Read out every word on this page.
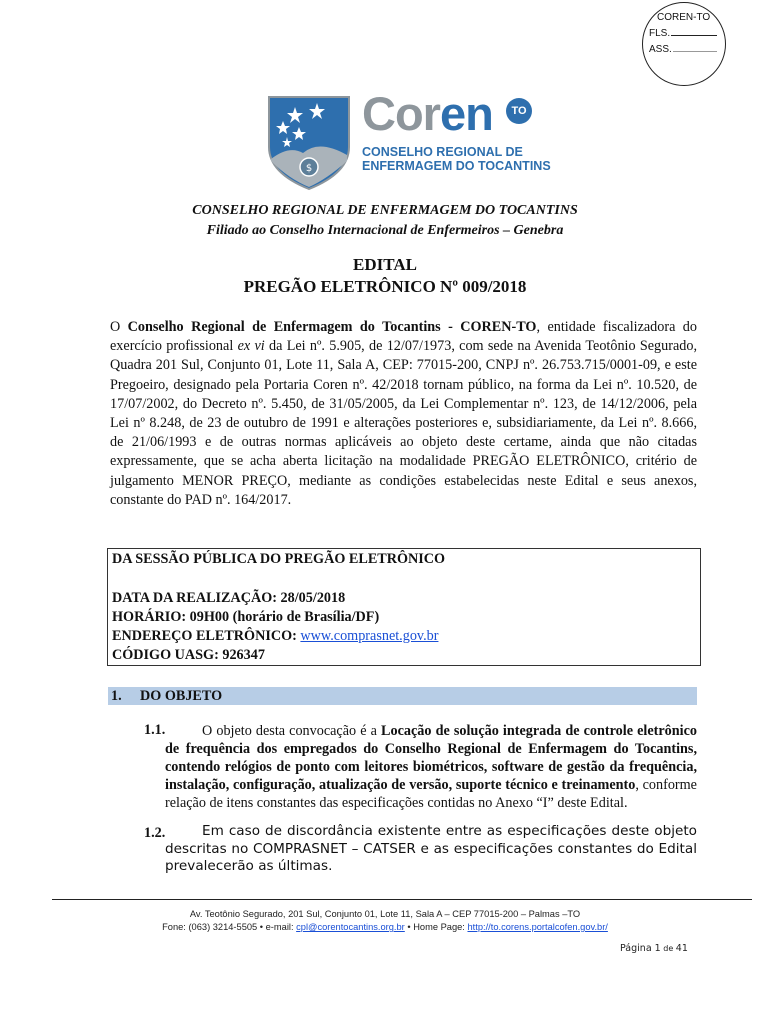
COREN-TO
FLS.
ASS.
$
Coren	TO
CONSELHO REGIONAL DE
ENFERMAGEM DO TOCANTINS
CONSELHO REGIONAL DE ENFERMAGEM DO TOCANTINS
Filiado ao Conselho Internacional de Enfermeiros – Genebra
EDITAL
PREGÃO ELETRÔNICO Nº 009/2018
O Conselho Regional de Enfermagem do Tocantins - COREN-TO, entidade fiscalizadora do exercício profissional ex vi da Lei nº. 5.905, de 12/07/1973, com sede na Avenida Teotônio Segurado, Quadra 201 Sul, Conjunto 01, Lote 11, Sala A, CEP: 77015-200, CNPJ nº. 26.753.715/0001-09, e este Pregoeiro, designado pela Portaria Coren nº. 42/2018 tornam público, na forma da Lei nº. 10.520, de 17/07/2002, do Decreto nº. 5.450, de 31/05/2005, da Lei Complementar nº. 123, de 14/12/2006, pela Lei nº 8.248, de 23 de outubro de 1991 e alterações posteriores e, subsidiariamente, da Lei nº. 8.666, de 21/06/1993 e de outras normas aplicáveis ao objeto deste certame, ainda que não citadas expressamente, que se acha aberta licitação na modalidade PREGÃO ELETRÔNICO, critério de julgamento MENOR PREÇO, mediante as condições estabelecidas neste Edital e seus anexos, constante do PAD nº. 164/2017.
DA SESSÃO PÚBLICA DO PREGÃO ELETRÔNICO
DATA DA REALIZAÇÃO: 28/05/2018
HORÁRIO: 09H00 (horário de Brasília/DF)
ENDEREÇO ELETRÔNICO: www.comprasnet.gov.br
CÓDIGO UASG: 926347
1. DO OBJETO
1.1.	O objeto desta convocação é a Locação de solução integrada de controle eletrônico de frequência dos empregados do Conselho Regional de Enfermagem do Tocantins, contendo relógios de ponto com leitores biométricos, software de gestão da frequência, instalação, configuração, atualização de versão, suporte técnico e treinamento, conforme relação de itens constantes das especificações contidas no Anexo “I” deste Edital.
1.2.	Em caso de discordância existente entre as especificações deste objeto descritas no COMPRASNET – CATSER e as especificações constantes do Edital prevalecerão as últimas.
Av. Teotônio Segurado, 201 Sul, Conjunto 01, Lote 11, Sala A – CEP 77015-200 – Palmas –TO
Fone: (063) 3214-5505 • e-mail: cpl@corentocantins.org.br • Home Page: http://to.corens.portalcofen.gov.br/
Página 1 de 41
